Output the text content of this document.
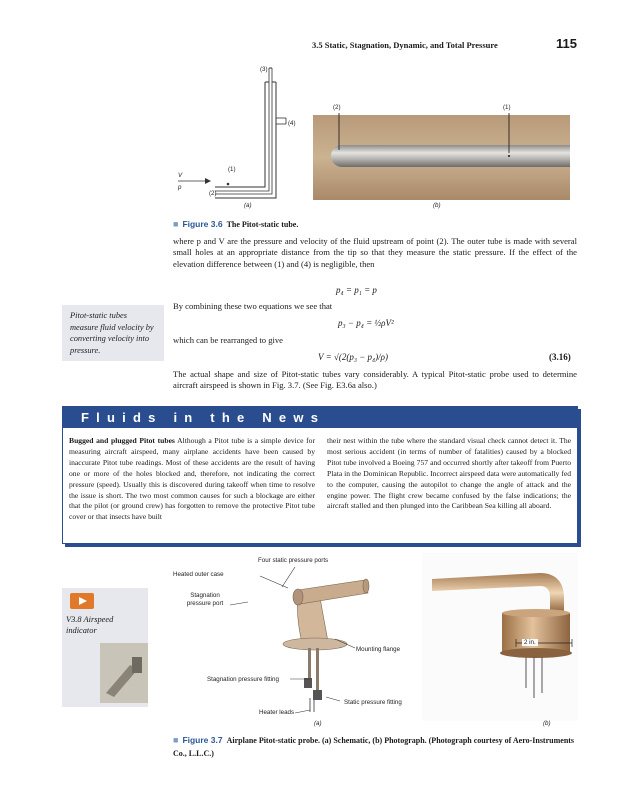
3.5 Static, Stagnation, Dynamic, and Total Pressure	115
(3)
(4)
(1)
V
p
(2)
(a)
(2)	(1)
(b)
■ Figure 3.6 The Pitot-static tube.
where p and V are the pressure and velocity of the fluid upstream of point (2). The outer tube is made with several small holes at an appropriate distance from the tip so that they measure the static pressure. If the effect of the elevation difference between (1) and (4) is negligible, then
p₄ = p₁ = p
Pitot-static tubes measure fluid velocity by converting velocity into pressure.
By combining these two equations we see that
p₃ − p₄ = ½ρV²
which can be rearranged to give
V = √(2(p₃ − p₄)/ρ)	(3.16)
The actual shape and size of Pitot-static tubes vary considerably. A typical Pitot-static probe used to determine aircraft airspeed is shown in Fig. 3.7. (See Fig. E3.6a also.)
F  l  u  i  d  s     i  n     t  h  e     N  e  w  s
Bugged and plugged Pitot tubes Although a Pitot tube is a simple device for measuring aircraft airspeed, many airplane accidents have been caused by inaccurate Pitot tube readings. Most of these accidents are the result of having one or more of the holes blocked and, therefore, not indicating the correct pressure (speed). Usually this is discovered during takeoff when time to resolve the issue is short. The two most common causes for such a blockage are either that the pilot (or ground crew) has forgotten to remove the protective Pitot tube cover or that insects have built
their nest within the tube where the standard visual check cannot detect it. The most serious accident (in terms of number of fatalities) caused by a blocked Pitot tube involved a Boeing 757 and occurred shortly after takeoff from Puerto Plata in the Dominican Republic. Incorrect airspeed data were automatically fed to the computer, causing the autopilot to change the angle of attack and the engine power. The flight crew became confused by the false indications; the aircraft stalled and then plunged into the Caribbean Sea killing all aboard.
V3.8 Airspeed indicator
Four static pressure ports
Heated outer case
Stagnation pressure port
Mounting flange
Stagnation pressure fitting
Static pressure fitting
Heater leads
(a)
2 in.
(b)
■ Figure 3.7 Airplane Pitot-static probe. (a) Schematic, (b) Photograph. (Photograph courtesy of Aero-Instruments Co., L.L.C.)
